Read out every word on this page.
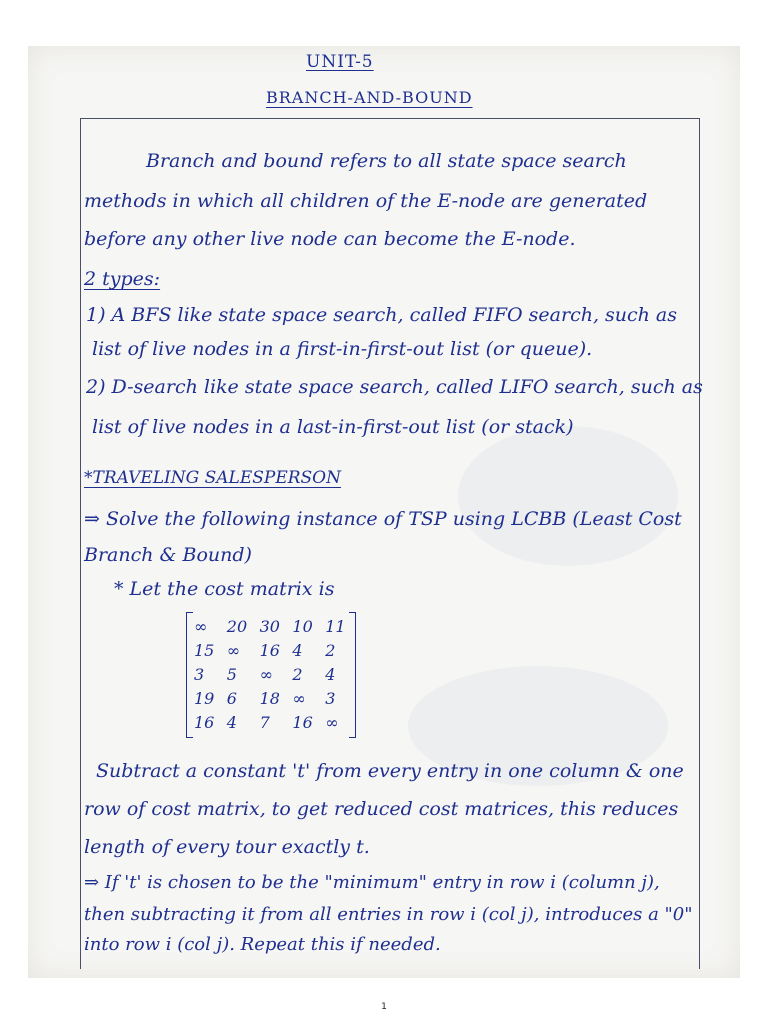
UNIT-5
BRANCH-AND-BOUND
Branch and bound refers to all state space search
methods in which all children of the E-node are generated
before any other live node can become the E-node.
2 types:
1) A BFS like state space search, called FIFO search, such as
list of live nodes in a first-in-first-out list (or queue).
2) D-search like state space search, called LIFO search, such as
list of live nodes in a last-in-first-out list (or stack)
*TRAVELING SALESPERSON
⇒ Solve the following instance of TSP using LCBB (Least Cost
Branch & Bound)
* Let the cost matrix is
∞	20	30	10	11
15	∞	16	4	2
3	5	∞	2	4
19	6	18	∞	3
16	4	7	16	∞
Subtract a constant 't' from every entry in one column & one
row of cost matrix, to get reduced cost matrices, this reduces
length of every tour exactly t.
⇒ If 't' is chosen to be the "minimum" entry in row i (column j),
then subtracting it from all entries in row i (col j), introduces a "0"
into row i (col j). Repeat this if needed.
1
